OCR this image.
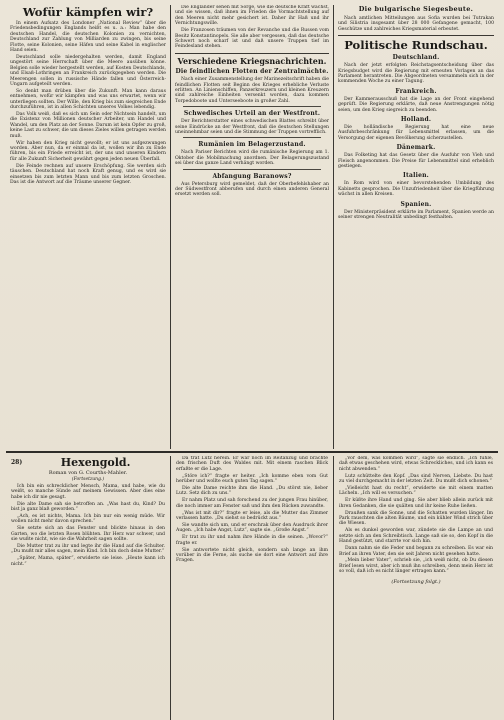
Wofür kämpfen wir?

In einem Aufsatz des Londoner „National Review“ über die Friedensbedingungen Englands heißt es u. a.: Man habe den deutschen Handel, die deutschen Kolonien zu vernichten, Deutschland zur Zahlung von Milliarden zu zwingen, bis seine Flotte, seine Kolonien, seine Häfen und seine Kabel in englischer Hand seien.

Deutschland solle niedergehalten werden, damit England ungestört seine Herrschaft über die Meere ausüben könne. Belgien solle wieder hergestellt werden, auf Kosten Deutschlands, und Elsaß-Lothringen an Frankreich zurückgegeben werden. Die Meerengen sollen in russische Hände fallen und Österreich-Ungarn aufgeteilt werden.

So denkt man drüben über die Zukunft. Man kann daraus entnehmen, wofür wir kämpfen und was uns erwartet, wenn wir unterliegen sollten. Der Wille, den Krieg bis zum siegreichen Ende durchzuführen, ist in allen Schichten unseres Volkes lebendig.

Das Volk weiß, daß es sich um Sein oder Nichtsein handelt, um die Existenz von Millionen deutscher Arbeiter, um Handel und Wandel, um den Platz an der Sonne. Darum ist kein Opfer zu groß, keine Last zu schwer, die um dieses Zieles willen getragen werden muß.

Wir haben den Krieg nicht gewollt; er ist uns aufgezwungen worden. Aber nun, da er einmal da ist, wollen wir ihn zu Ende führen, bis ein Friede erreicht ist, der uns und unseren Kindern für alle Zukunft Sicherheit gewährt gegen jeden neuen Überfall.

Die Feinde rechnen auf unsere Erschöpfung. Sie werden sich täuschen. Deutschland hat noch Kraft genug, und es wird sie einsetzen bis zum letzten Mann und bis zum letzten Groschen. Das ist die Antwort auf die Träume unserer Gegner.

Die Engländer sehen mit Sorge, wie die deutsche Kraft wächst, und sie wissen, daß ihnen im Frieden die Vormachtstellung auf den Meeren nicht mehr gesichert ist. Daher ihr Haß und ihr Vernichtungswille.

Die Franzosen träumen von der Revanche und die Russen vom Besitz Konstantinopels. Sie alle aber vergessen, daß das deutsche Schwert noch scharf ist und daß unsere Truppen tief im Feindesland stehen.

Verschiedene Kriegsnachrichten.
Die feindlichen Flotten der Zentralmächte.

Nach einer Zusammenstellung der Marinezeitschrift haben die feindlichen Flotten seit Beginn des Krieges erhebliche Verluste erlitten. An Linienschiffen, Panzerkreuzern und kleinen Kreuzern sind zahlreiche Einheiten versenkt worden, dazu kommen Torpedoboote und Unterseeboote in großer Zahl.

Schwedisches Urteil an der Westfront.

Der Berichterstatter eines schwedischen Blattes schreibt über seine Eindrücke an der Westfront, daß die deutschen Stellungen uneinnehmbar seien und die Stimmung der Truppen vortrefflich.

Rumänien im Belagerzustand.

Nach Pariser Berichten wird die rumänische Regierung am 1. Oktober die Mobilmachung anordnen. Der Belagerungszustand sei über das ganze Land verhängt worden.

Abfangung Baranows?

Aus Petersburg wird gemeldet, daß der Oberbefehlshaber an der Südwestfront abberufen und durch einen anderen General ersetzt werden soll.

Die bulgarische Siegesbeute.

Nach amtlichen Mitteilungen aus Sofia wurden bei Tutrakan und Silistria insgesamt über 28 000 Gefangene gemacht, 100 Geschütze und zahlreiches Kriegsmaterial erbeutet.

Politische Rundschau.
Deutschland.

Nach der jetzt erfolgten Reichstagsentscheidung über das Kriegsbudget wird die Regierung mit erneuten Vorlagen an das Parlament herantreten. Die Abgeordneten versammeln sich in der kommenden Woche zu einer Tagung.

Frankreich.

Der Kammerausschuß hat die Lage an der Front eingehend geprüft. Die Regierung erklärte, daß neue Anstrengungen nötig seien, um den Krieg siegreich zu beenden.

Holland.

Die holländische Regierung hat eine neue Ausfuhrbeschränkung für Lebensmittel erlassen, um die Versorgung der eigenen Bevölkerung sicherzustellen.

Dänemark.

Das Folketing hat das Gesetz über die Ausfuhr von Vieh und Fleisch angenommen. Die Preise für Lebensmittel sind erheblich gestiegen.

Italien.

In Rom wird von einer bevorstehenden Umbildung des Kabinetts gesprochen. Die Unzufriedenheit über die Kriegführung wächst in allen Kreisen.

Spanien.

Der Ministerpräsident erklärte im Parlament, Spanien werde an seiner strengen Neutralität unbedingt festhalten.

28)	Hexengold.
Roman von G. Courths-Mahler.
(Fortsetzung.)

Ich bin ein schrecklicher Mensch, Mama, und habe, wie du weißt, so manche Sünde auf meinem Gewissen. Aber dies eine habe ich dir nie gesagt.

Die alte Dame sah sie betroffen an. „Was hast du, Kind? Du bist ja ganz blaß geworden.“

„Ach, es ist nichts, Mama. Ich bin nur ein wenig müde. Wir wollen nicht mehr davon sprechen.“

Sie setzte sich an das Fenster und blickte hinaus in den Garten, wo die letzten Rosen blühten. Ihr Herz war schwer, und sie wußte nicht, wie sie die Wahrheit sagen sollte.

Die Mutter trat zu ihr und legte ihr die Hand auf die Schulter. „Du mußt mir alles sagen, mein Kind. Ich bin doch deine Mutter.“

„Später, Mama, später“, erwiderte sie leise. „Heute kann ich nicht.“

Da trat Lutz herein. Er war noch im Reitanzug und brachte den frischen Duft des Waldes mit. Mit einem raschen Blick erfaßte er die Lage.

„Störe ich?“ fragte er heiter. „Ich komme eben vom Gut herüber und wollte euch guten Tag sagen.“

Die alte Dame reichte ihm die Hand. „Du störst nie, lieber Lutz. Setz dich zu uns.“

Er nahm Platz und sah forschend zu der jungen Frau hinüber, die noch immer am Fenster saß und ihm den Rücken zuwandte.

„Was ist mit dir?“ fragte er leise, als die Mutter das Zimmer verlassen hatte. „Du siehst so bedrückt aus.“

Sie wandte sich um, und er erschrak über den Ausdruck ihrer Augen. „Ich habe Angst, Lutz“, sagte sie. „Große Angst.“

Er trat zu ihr und nahm ihre Hände in die seinen. „Wovor?“ fragte er.

Sie antwortete nicht gleich, sondern sah lange an ihm vorüber in die Ferne, als suche sie dort eine Antwort auf ihre Fragen.

„Vor dem, was kommen wird“, sagte sie endlich. „Ich fühle, daß etwas geschehen wird, etwas Schreckliches, und ich kann es nicht abwenden.“

Lutz schüttelte den Kopf. „Das sind Nerven, Liebste. Du hast zu viel durchgemacht in der letzten Zeit. Du mußt dich schonen.“

„Vielleicht hast du recht“, erwiderte sie mit einem matten Lächeln. „Ich will es versuchen.“

Er küßte ihre Hand und ging. Sie aber blieb allein zurück mit ihren Gedanken, die sie quälten und ihr keine Ruhe ließen.

Draußen sank die Sonne, und die Schatten wurden länger. Im Park rauschten die alten Bäume, und ein kühler Wind strich über die Wiesen.

Als es dunkel geworden war, zündete sie die Lampe an und setzte sich an den Schreibtisch. Lange saß sie so, den Kopf in die Hand gestützt, und starrte vor sich hin.

Dann nahm sie die Feder und begann zu schreiben. Es war ein Brief an ihren Vater, den sie seit Jahren nicht gesehen hatte.

„Mein lieber Vater“, schrieb sie, „ich weiß nicht, ob Du diesen Brief lesen wirst, aber ich muß ihn schreiben, denn mein Herz ist so voll, daß ich es nicht länger ertragen kann.“

(Fortsetzung folgt.)
